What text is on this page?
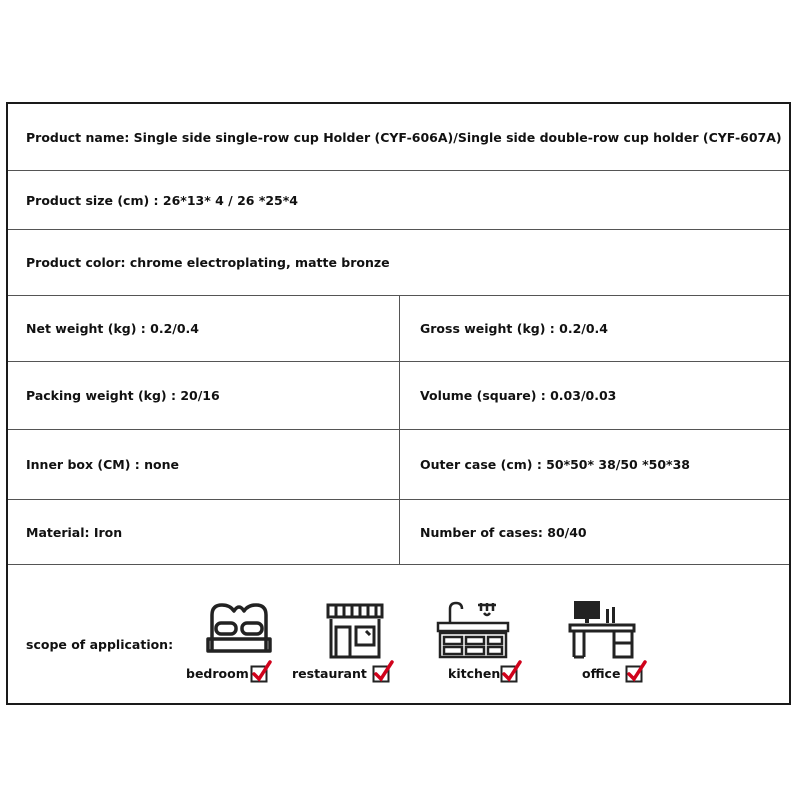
Product name: Single side single-row cup Holder (CYF-606A)/Single side double-row cup holder (CYF-607A)
Product size (cm) : 26*13* 4 / 26 *25*4
Product color: chrome electroplating, matte bronze
Net weight (kg) : 0.2/0.4	Gross weight (kg) : 0.2/0.4
Packing weight (kg) : 20/16	Volume (square) : 0.03/0.03
Inner box (CM) : none	Outer case (cm) : 50*50* 38/50 *50*38
Material: Iron	Number of cases: 80/40
scope of application:
bedroom	restaurant	kitchen	office
